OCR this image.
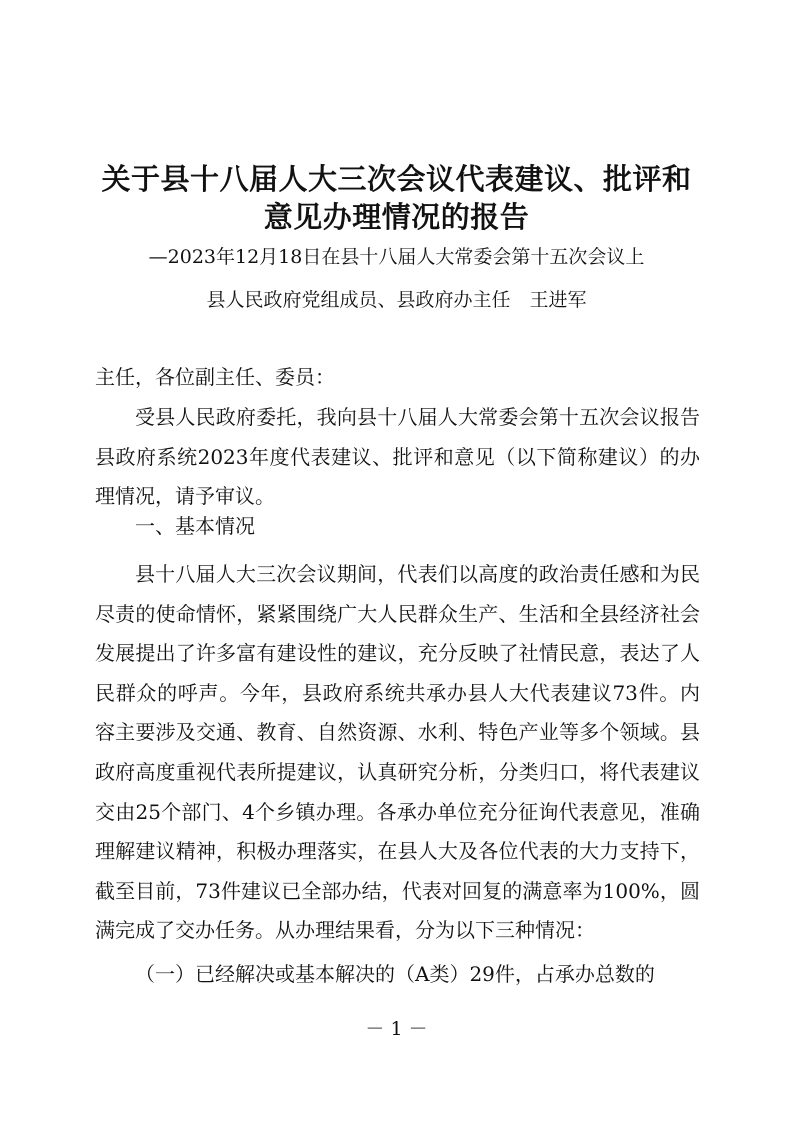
关于县十八届人大三次会议代表建议、批评和
意见办理情况的报告
—2023年12月18日在县十八届人大常委会第十五次会议上
县人民政府党组成员、县政府办主任　王进军
主任，各位副主任、委员：
受县人民政府委托，我向县十八届人大常委会第十五次会议报告县政府系统2023年度代表建议、批评和意见（以下简称建议）的办理情况，请予审议。
一、基本情况
县十八届人大三次会议期间，代表们以高度的政治责任感和为民尽责的使命情怀，紧紧围绕广大人民群众生产、生活和全县经济社会发展提出了许多富有建设性的建议，充分反映了社情民意，表达了人民群众的呼声。今年，县政府系统共承办县人大代表建议73件。内容主要涉及交通、教育、自然资源、水利、特色产业等多个领域。县政府高度重视代表所提建议，认真研究分析，分类归口，将代表建议交由25个部门、4个乡镇办理。各承办单位充分征询代表意见，准确理解建议精神，积极办理落实，在县人大及各位代表的大力支持下，截至目前，73件建议已全部办结，代表对回复的满意率为100%，圆满完成了交办任务。从办理结果看，分为以下三种情况：
（一）已经解决或基本解决的（A类）29件，占承办总数的
－ 1 －
